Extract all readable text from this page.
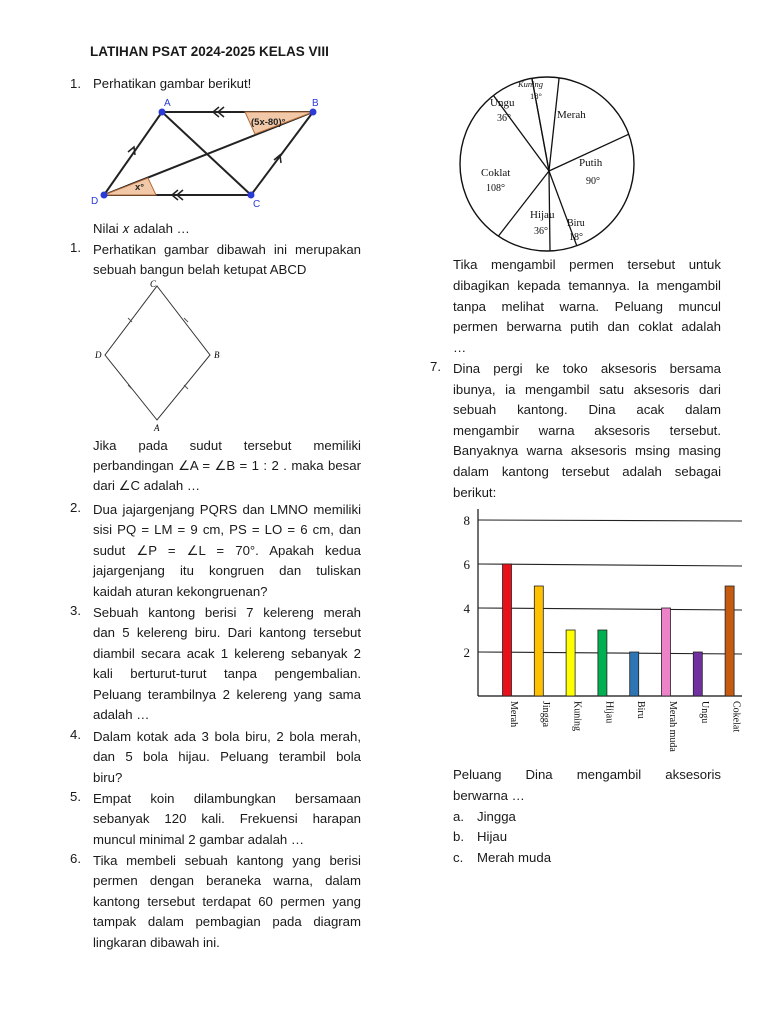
LATIHAN PSAT 2024-2025 KELAS VIII
1. Perhatikan gambar berikut!
A	B
C
D
(5x-80)°
x°
Nilai 𝑥 adalah …
1. Perhatikan gambar dibawah ini merupakan
sebuah bangun belah ketupat ABCD
C
B
A
D
Jika pada sudut tersebut memiliki
perbandingan ∠A = ∠B = 1 : 2 . maka besar
dari ∠C adalah …
2. Dua jajargenjang PQRS dan LMNO memiliki
sisi PQ = LM = 9 cm, PS = LO = 6 cm, dan
sudut ∠P = ∠L = 70°. Apakah kedua
jajargenjang itu kongruen dan tuliskan
kaidah aturan kekongruenan?
3. Sebuah kantong berisi 7 kelereng merah
dan 5 kelereng biru. Dari kantong tersebut
diambil secara acak 1 kelereng sebanyak 2
kali berturut-turut tanpa pengembalian.
Peluang terambilnya 2 kelereng yang sama
adalah …
4. Dalam kotak ada 3 bola biru, 2 bola merah,
dan 5 bola hijau. Peluang terambil bola
biru?
5. Empat koin dilambungkan bersamaan
sebanyak 120 kali. Frekuensi harapan
muncul minimal 2 gambar adalah …
6. Tika membeli sebuah kantong yang berisi
permen dengan beraneka warna, dalam
kantong tersebut terdapat 60 permen yang
tampak dalam pembagian pada diagram
lingkaran dibawah ini.
Kuning
18°
Merah
Putih
90°
Biru
18°
Hijau
36°
Coklat
108°
Ungu
36°
Tika mengambil permen tersebut untuk
dibagikan kepada temannya. Ia mengambil
tanpa melihat warna. Peluang muncul
permen berwarna putih dan coklat adalah
…
7. Dina pergi ke toko aksesoris bersama
ibunya, ia mengambil satu aksesoris dari
sebuah kantong. Dina acak dalam
mengambir warna aksesoris tersebut.
Banyaknya warna aksesoris msing masing
dalam kantong tersebut adalah sebagai
berikut:
2
4
6
8
Merah Jingga Kuning Hijau Biru Merah muda Ungu Cokelat
Peluang Dina mengambil aksesoris
berwarna …
a. Jingga
b. Hijau
c. Merah muda
